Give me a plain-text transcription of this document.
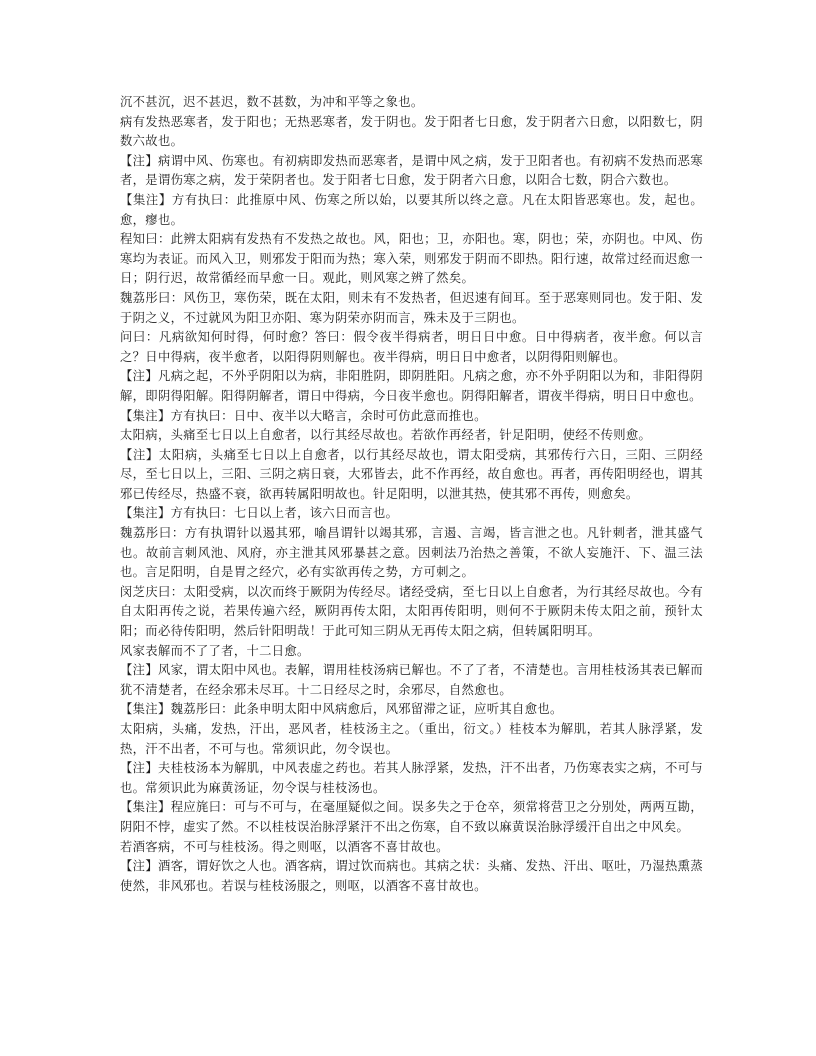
沉不甚沉，迟不甚迟，数不甚数，为冲和平等之象也。

病有发热恶寒者，发于阳也；无热恶寒者，发于阴也。发于阳者七日愈，发于阴者六日愈，以阳数七，阴数六故也。

【注】病谓中风、伤寒也。有初病即发热而恶寒者，是谓中风之病，发于卫阳者也。有初病不发热而恶寒者，是谓伤寒之病，发于荣阴者也。发于阳者七日愈，发于阴者六日愈，以阳合七数，阴合六数也。

【集注】方有执曰：此推原中风、伤寒之所以始，以要其所以终之意。凡在太阳皆恶寒也。发，起也。愈，瘳也。

程知曰：此辨太阳病有发热有不发热之故也。风，阳也；卫，亦阳也。寒，阴也；荣，亦阴也。中风、伤寒均为表证。而风入卫，则邪发于阳而为热；寒入荣，则邪发于阴而不即热。阳行速，故常过经而迟愈一日；阴行迟，故常循经而早愈一日。观此，则风寒之辨了然矣。

魏荔彤曰：风伤卫，寒伤荣，既在太阳，则未有不发热者，但迟速有间耳。至于恶寒则同也。发于阳、发于阴之义，不过就风为阳卫亦阳、寒为阴荣亦阴而言，殊未及于三阴也。

问曰：凡病欲知何时得，何时愈？答曰：假令夜半得病者，明日日中愈。日中得病者，夜半愈。何以言之？日中得病，夜半愈者，以阳得阴则解也。夜半得病，明日日中愈者，以阴得阳则解也。

【注】凡病之起，不外乎阴阳以为病，非阳胜阴，即阴胜阳。凡病之愈，亦不外乎阴阳以为和，非阳得阴解，即阴得阳解。阳得阴解者，谓日中得病，今日夜半愈也。阴得阳解者，谓夜半得病，明日日中愈也。

【集注】方有执曰：日中、夜半以大略言，余时可仿此意而推也。

太阳病，头痛至七日以上自愈者，以行其经尽故也。若欲作再经者，针足阳明，使经不传则愈。

【注】太阳病，头痛至七日以上自愈者，以行其经尽故也，谓太阳受病，其邪传行六日，三阳、三阴经尽，至七日以上，三阳、三阴之病日衰，大邪皆去，此不作再经，故自愈也。再者，再传阳明经也，谓其邪已传经尽，热盛不衰，欲再转属阳明故也。针足阳明，以泄其热，使其邪不再传，则愈矣。

【集注】方有执曰：七日以上者，该六日而言也。

魏荔彤曰：方有执谓针以遏其邪，喻昌谓针以竭其邪，言遏、言竭，皆言泄之也。凡针刺者，泄其盛气也。故前言刺风池、风府，亦主泄其风邪暴甚之意。因刺法乃治热之善策，不欲人妄施汗、下、温三法也。言足阳明，自是胃之经穴，必有实欲再传之势，方可刺之。

闵芝庆曰：太阳受病，以次而终于厥阴为传经尽。诸经受病，至七日以上自愈者，为行其经尽故也。今有自太阳再传之说，若果传遍六经，厥阴再传太阳，太阳再传阳明，则何不于厥阴未传太阳之前，预针太阳；而必待传阳明，然后针阳明哉！于此可知三阴从无再传太阳之病，但转属阳明耳。

风家表解而不了了者，十二日愈。

【注】风家，谓太阳中风也。表解，谓用桂枝汤病已解也。不了了者，不清楚也。言用桂枝汤其表已解而犹不清楚者，在经余邪未尽耳。十二日经尽之时，余邪尽，自然愈也。

【集注】魏荔彤曰：此条申明太阳中风病愈后，风邪留滞之证，应听其自愈也。

太阳病，头痛，发热，汗出，恶风者，桂枝汤主之。（重出，衍文。）桂枝本为解肌，若其人脉浮紧，发热，汗不出者，不可与也。常须识此，勿令误也。

【注】夫桂枝汤本为解肌，中风表虚之药也。若其人脉浮紧，发热，汗不出者，乃伤寒表实之病，不可与也。常须识此为麻黄汤证，勿令误与桂枝汤也。

【集注】程应旄曰：可与不可与，在毫厘疑似之间。误多失之于仓卒，须常将营卫之分别处，两两互勘，阴阳不悖，虚实了然。不以桂枝误治脉浮紧汗不出之伤寒，自不致以麻黄误治脉浮缓汗自出之中风矣。

若酒客病，不可与桂枝汤。得之则呕，以酒客不喜甘故也。

【注】酒客，谓好饮之人也。酒客病，谓过饮而病也。其病之状：头痛、发热、汗出、呕吐，乃湿热熏蒸使然，非风邪也。若误与桂枝汤服之，则呕，以酒客不喜甘故也。
